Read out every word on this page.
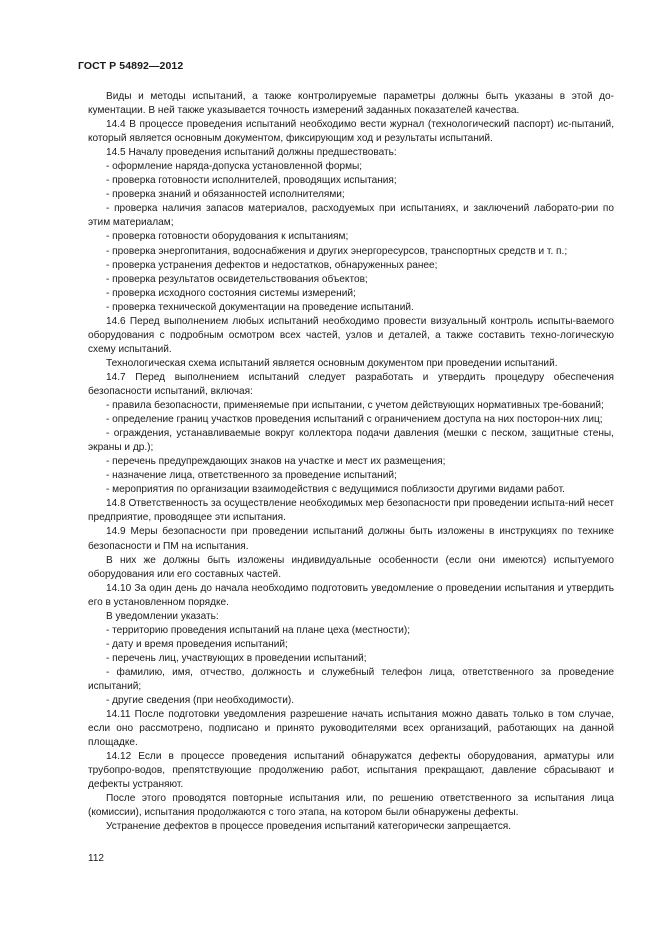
ГОСТ Р 54892—2012

Виды и методы испытаний, а также контролируемые параметры должны быть указаны в этой до-кументации. В ней также указывается точность измерений заданных показателей качества.

14.4 В процессе проведения испытаний необходимо вести журнал (технологический паспорт) ис-пытаний, который является основным документом, фиксирующим ход и результаты испытаний.

14.5 Началу проведения испытаний должны предшествовать:

- оформление наряда-допуска установленной формы;

- проверка готовности исполнителей, проводящих испытания;

- проверка знаний и обязанностей исполнителями;

- проверка наличия запасов материалов, расходуемых при испытаниях, и заключений лаборато-рии по этим материалам;

- проверка готовности оборудования к испытаниям;

- проверка энергопитания, водоснабжения и других энергоресурсов, транспортных средств и т. п.;

- проверка устранения дефектов и недостатков, обнаруженных ранее;

- проверка результатов освидетельствования объектов;

- проверка исходного состояния системы измерений;

- проверка технической документации на проведение испытаний.

14.6 Перед выполнением любых испытаний необходимо провести визуальный контроль испыты-ваемого оборудования с подробным осмотром всех частей, узлов и деталей, а также составить техно-логическую схему испытаний.

Технологическая схема испытаний является основным документом при проведении испытаний.

14.7 Перед выполнением испытаний следует разработать и утвердить процедуру обеспечения безопасности испытаний, включая:

- правила безопасности, применяемые при испытании, с учетом действующих нормативных тре-бований;

- определение границ участков проведения испытаний с ограничением доступа на них посторон-них лиц;

- ограждения, устанавливаемые вокруг коллектора подачи давления (мешки с песком, защитные стены, экраны и др.);

- перечень предупреждающих знаков на участке и мест их размещения;

- назначение лица, ответственного за проведение испытаний;

- мероприятия по организации взаимодействия с ведущимися поблизости другими видами работ.

14.8 Ответственность за осуществление необходимых мер безопасности при проведении испыта-ний несет предприятие, проводящее эти испытания.

14.9 Меры безопасности при проведении испытаний должны быть изложены в инструкциях по технике безопасности и ПМ на испытания.

В них же должны быть изложены индивидуальные особенности (если они имеются) испытуемого оборудования или его составных частей.

14.10 За один день до начала необходимо подготовить уведомление о проведении испытания и утвердить его в установленном порядке.

В уведомлении указать:

- территорию проведения испытаний на плане цеха (местности);

- дату и время проведения испытаний;

- перечень лиц, участвующих в проведении испытаний;

- фамилию, имя, отчество, должность и служебный телефон лица, ответственного за проведение испытаний;

- другие сведения (при необходимости).

14.11 После подготовки уведомления разрешение начать испытания можно давать только в том случае, если оно рассмотрено, подписано и принято руководителями всех организаций, работающих на данной площадке.

14.12 Если в процессе проведения испытаний обнаружатся дефекты оборудования, арматуры или трубопро-водов, препятствующие продолжению работ, испытания прекращают, давление сбрасывают и дефекты устраняют.

После этого проводятся повторные испытания или, по решению ответственного за испытания лица (комиссии), испытания продолжаются с того этапа, на котором были обнаружены дефекты.

Устранение дефектов в процессе проведения испытаний категорически запрещается.

112
